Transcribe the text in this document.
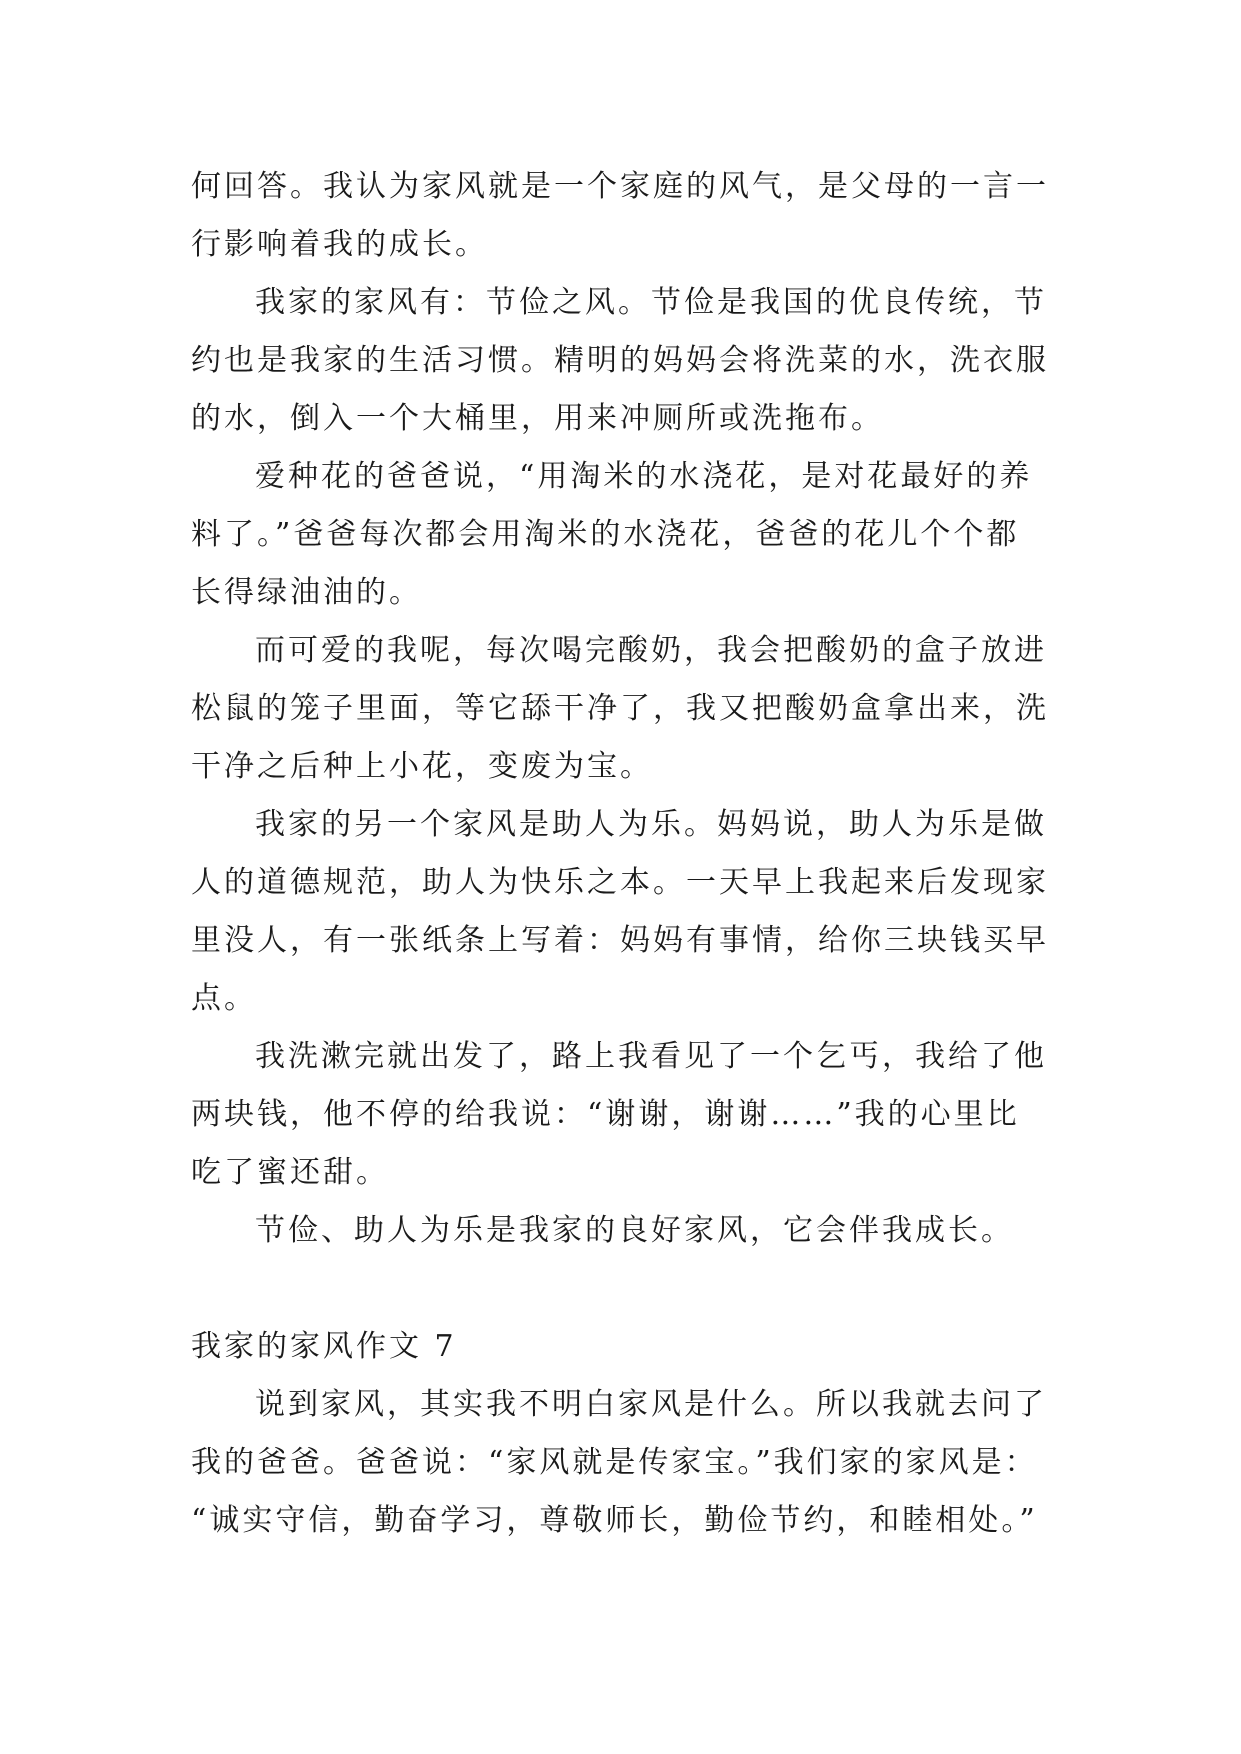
何回答。我认为家风就是一个家庭的风气，是父母的一言一
行影响着我的成长。
我家的家风有：节俭之风。节俭是我国的优良传统，节
约也是我家的生活习惯。精明的妈妈会将洗菜的水，洗衣服
的水，倒入一个大桶里，用来冲厕所或洗拖布。
爱种花的爸爸说，“用淘米的水浇花，是对花最好的养
料了。”爸爸每次都会用淘米的水浇花，爸爸的花儿个个都
长得绿油油的。
而可爱的我呢，每次喝完酸奶，我会把酸奶的盒子放进
松鼠的笼子里面，等它舔干净了，我又把酸奶盒拿出来，洗
干净之后种上小花，变废为宝。
我家的另一个家风是助人为乐。妈妈说，助人为乐是做
人的道德规范，助人为快乐之本。一天早上我起来后发现家
里没人，有一张纸条上写着：妈妈有事情，给你三块钱买早
点。
我洗漱完就出发了，路上我看见了一个乞丐，我给了他
两块钱，他不停的给我说：“谢谢，谢谢……”我的心里比
吃了蜜还甜。
节俭、助人为乐是我家的良好家风，它会伴我成长。
我家的家风作文 7
说到家风，其实我不明白家风是什么。所以我就去问了
我的爸爸。爸爸说：“家风就是传家宝。”我们家的家风是：
“诚实守信，勤奋学习，尊敬师长，勤俭节约，和睦相处。”
